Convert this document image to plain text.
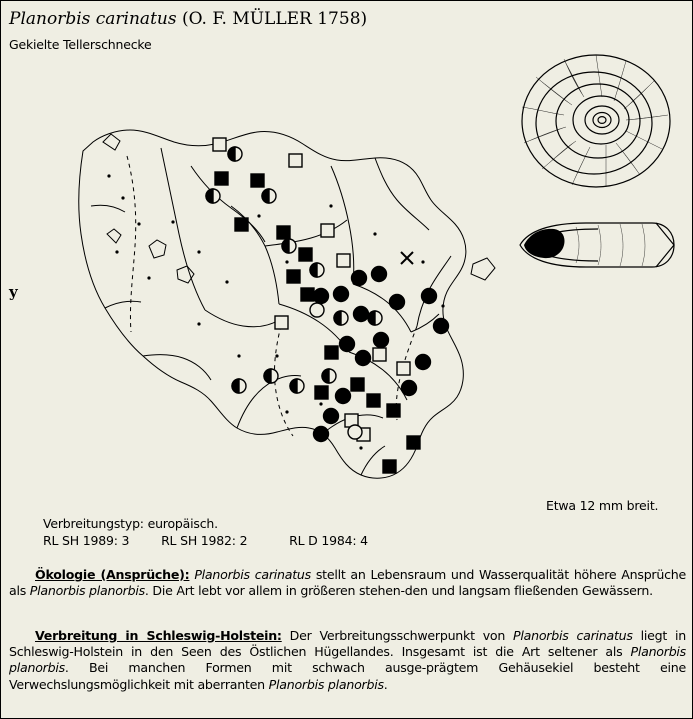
Planorbis carinatus (O. F. MÜLLER 1758)
Gekielte Tellerschnecke
y
Etwa 12 mm breit.
Verbreitungstyp: europäisch.
RL SH 1989: 3	RL SH 1982: 2	RL D 1984: 4
Ökologie (Ansprüche): Planorbis carinatus stellt an Lebensraum und Wasserqualität höhere Ansprüche als Planorbis planorbis. Die Art lebt vor allem in größeren stehen-den und langsam fließenden Gewässern.
Verbreitung in Schleswig-Holstein: Der Verbreitungsschwerpunkt von Planorbis carinatus liegt in Schleswig-Holstein in den Seen des Östlichen Hügellandes. Insgesamt ist die Art seltener als Planorbis planorbis. Bei manchen Formen mit schwach ausge-prägtem Gehäusekiel besteht eine Verwechslungsmöglichkeit mit aberranten Planorbis planorbis.
